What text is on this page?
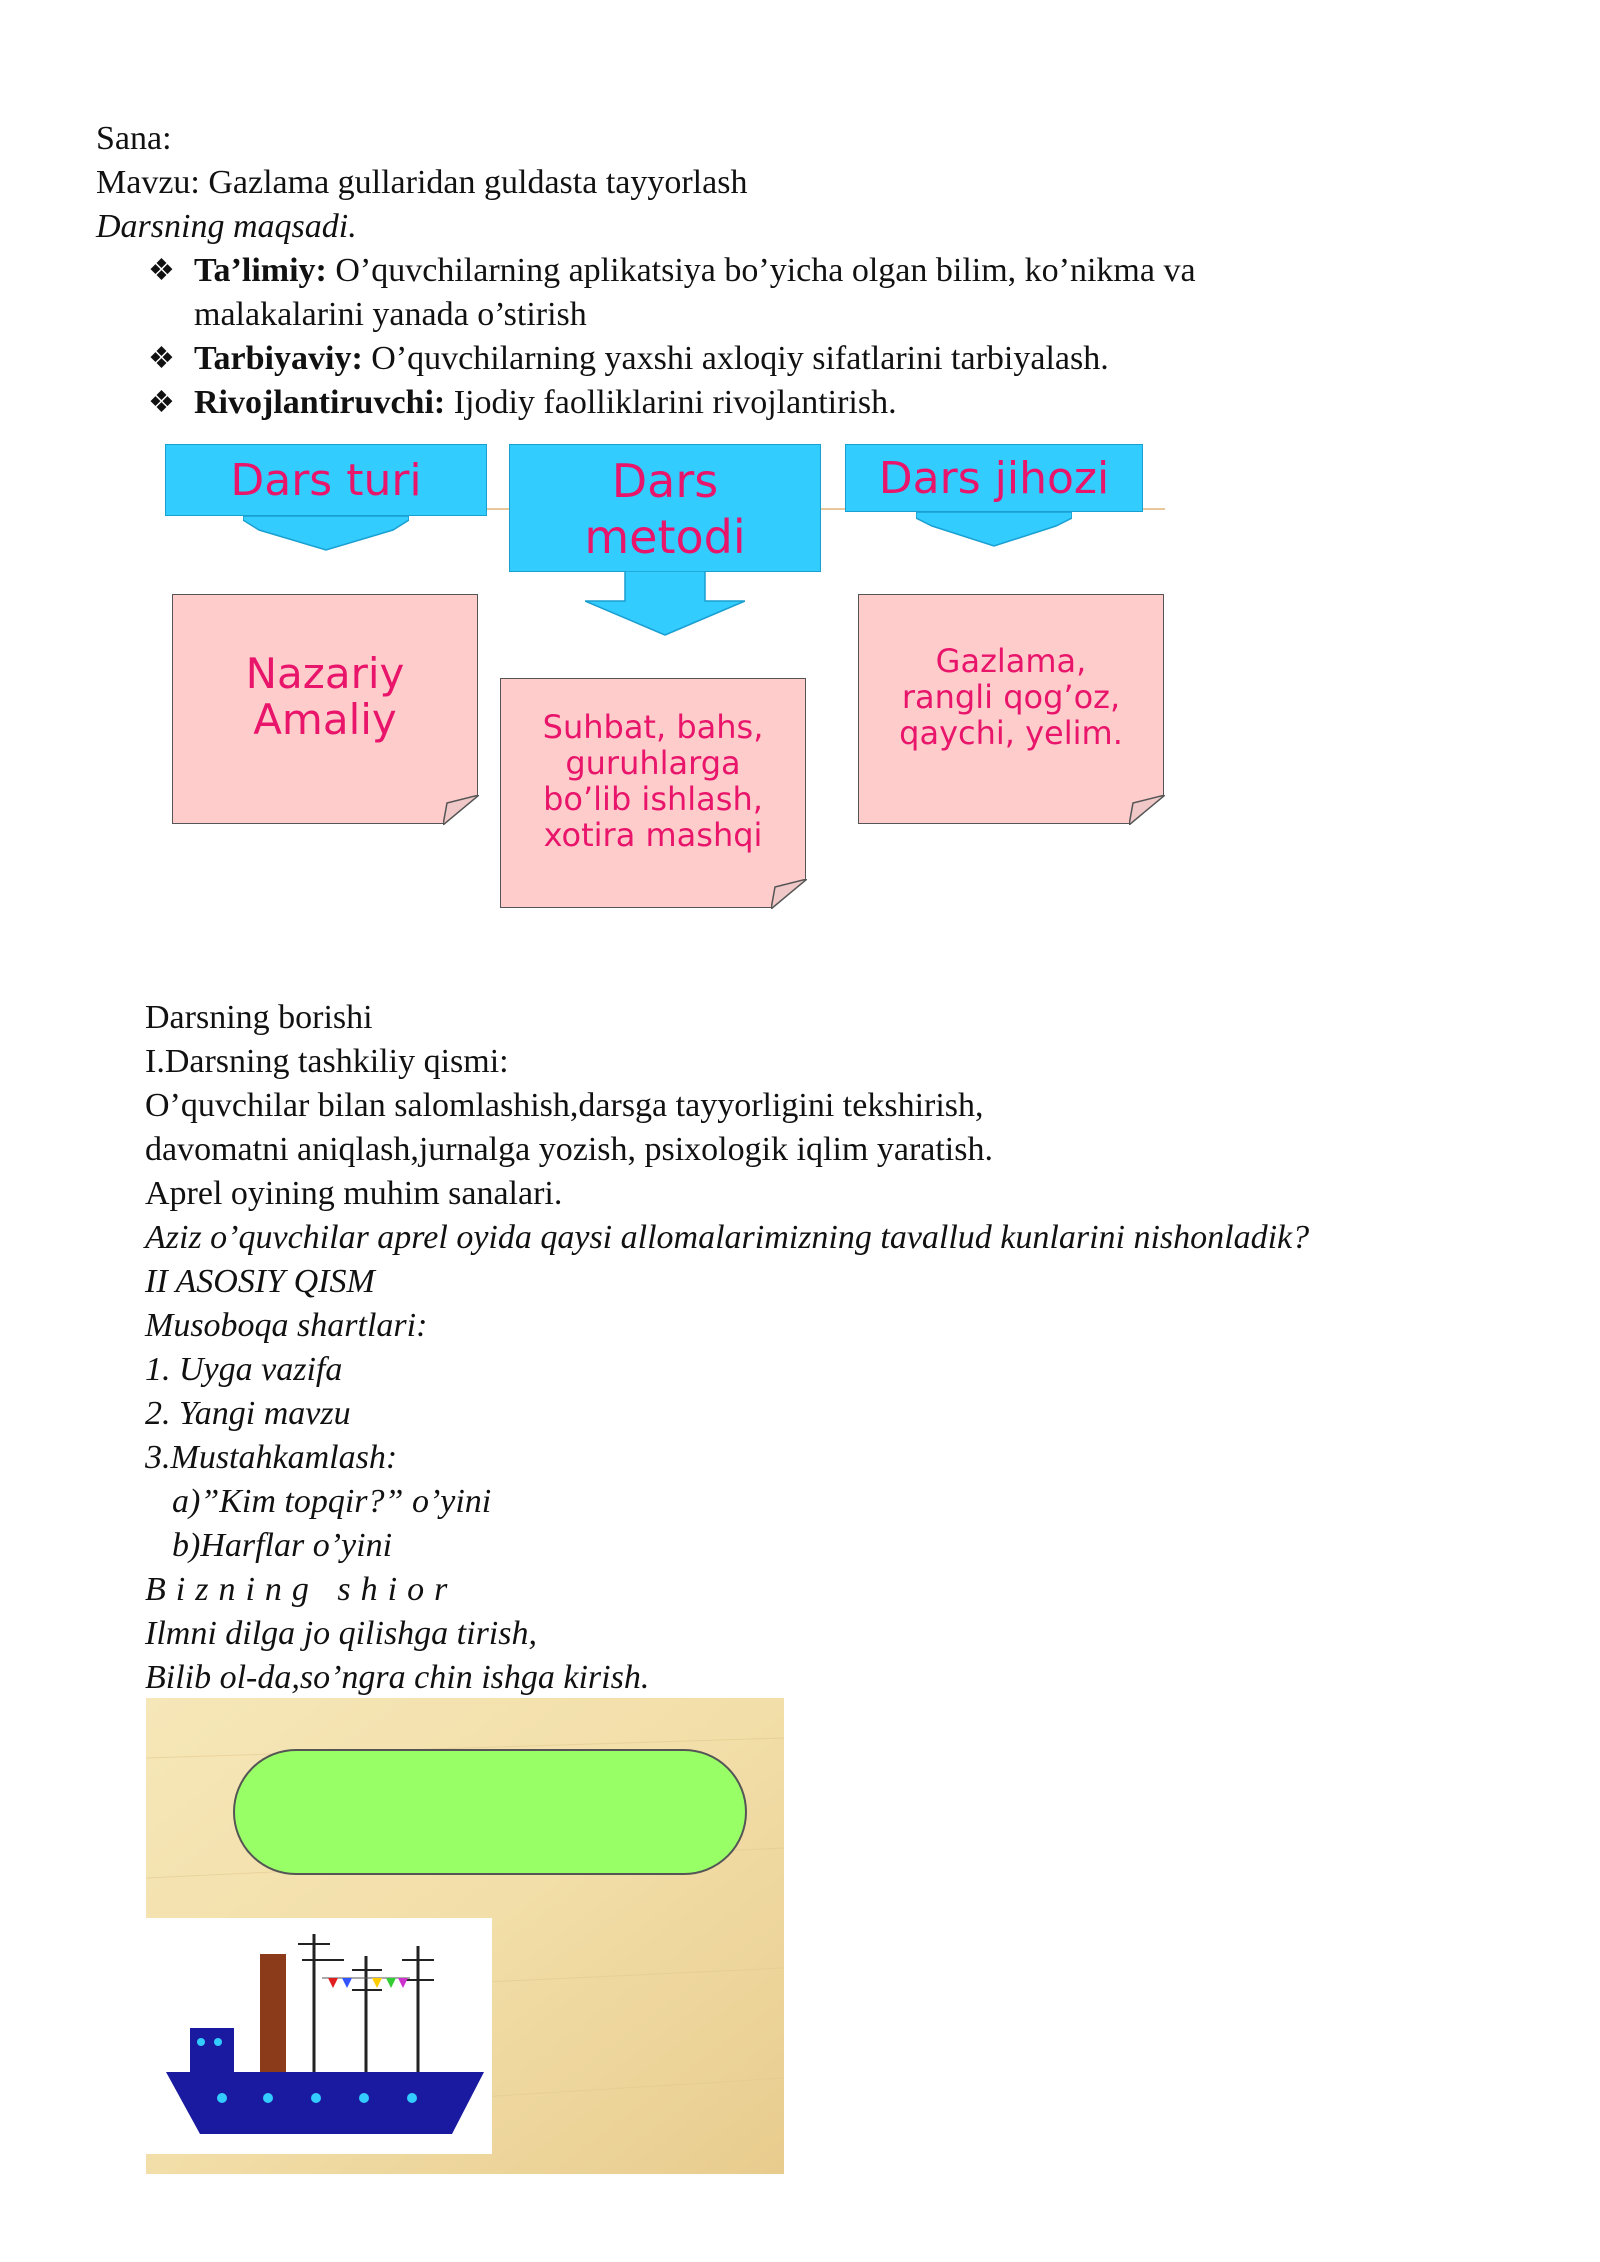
Sana:
Mavzu: Gazlama gullaridan guldasta tayyorlash
Darsning maqsadi.
❖ Ta’limiy: O’quvchilarning aplikatsiya bo’yicha olgan bilim, ko’nikma va
malakalarini yanada o’stirish
❖ Tarbiyaviy: O’quvchilarning yaxshi axloqiy sifatlarini tarbiyalash.
❖ Rivojlantiruvchi: Ijodiy faolliklarini rivojlantirish.
Dars turi	Dars
metodi
Dars jihozi
Nazariy
Amaliy	Suhbat, bahs,
guruhlarga
bo’lib ishlash,
xotira mashqi
Gazlama,
rangli qog’oz,
qaychi, yelim.
Darsning borishi
I.Darsning tashkiliy qismi:
O’quvchilar bilan salomlashish,darsga tayyorligini tekshirish,
davomatni aniqlash,jurnalga yozish, psixologik iqlim yaratish.
Aprel oyining muhim sanalari.
Aziz o’quvchilar aprel oyida qaysi allomalarimizning tavallud kunlarini nishonladik?
II ASOSIY QISM
Musoboqa shartlari:
1. Uyga vazifa
2. Yangi mavzu
3.Mustahkamlash:
a)”Kim topqir?” o’yini
b)Harflar o’yini
Bizning shior
Ilmni dilga jo qilishga tirish,
Bilib ol-da,so’ngra chin ishga kirish.
